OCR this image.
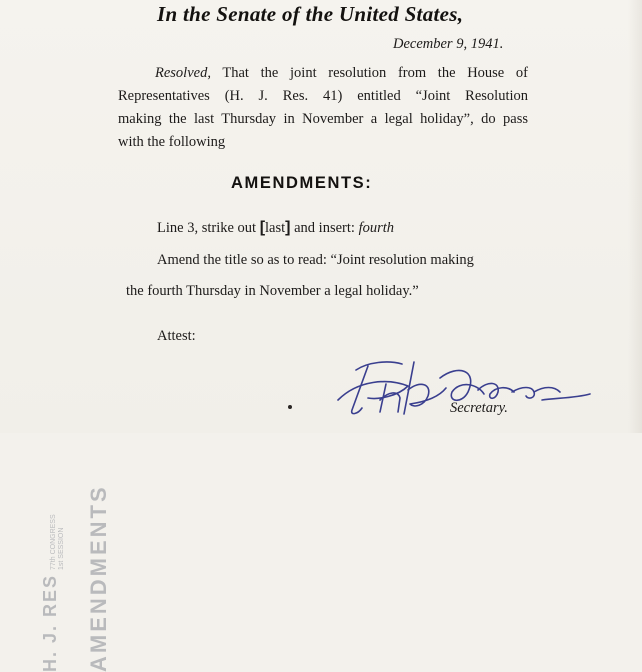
AMENDMENTS
H. J. RES
77th CONGRESS 1st SESSION
In the Senate of the United States,
December 9, 1941.
Resolved, That the joint resolution from the House of
Representatives (H. J. Res. 41) entitled “Joint Resolution
making the last Thursday in November a legal holiday”, do pass
with the following
AMENDMENTS:
Line 3, strike out [last] and insert: fourth
Amend the title so as to read: “Joint resolution making
the fourth Thursday in November a legal holiday.”
Attest:
Secretary.
